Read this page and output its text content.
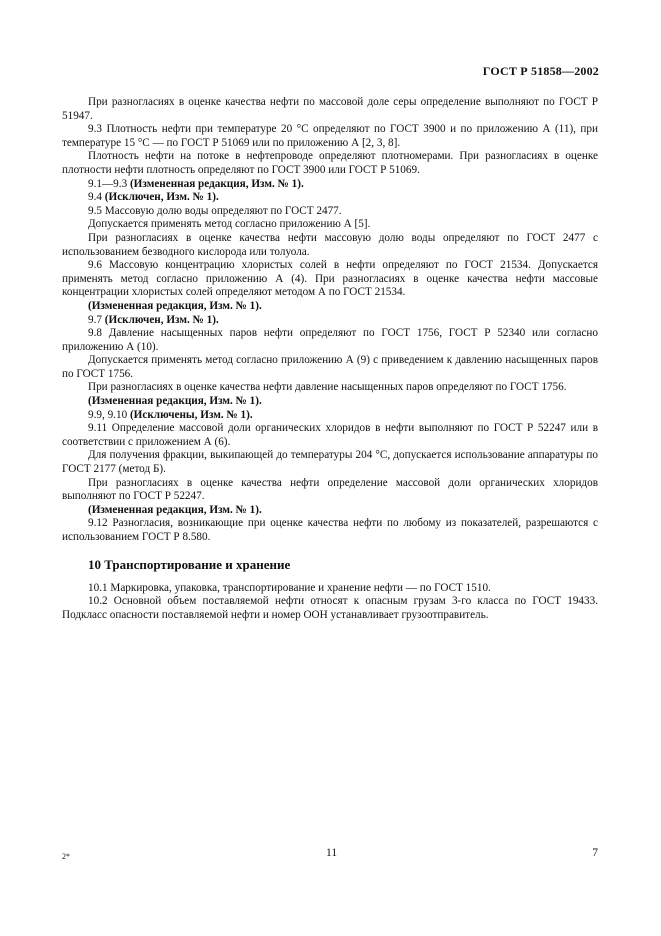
ГОСТ Р 51858—2002

При разногласиях в оценке качества нефти по массовой доле серы определение выполняют по ГОСТ Р 51947.

9.3 Плотность нефти при температуре 20 °С определяют по ГОСТ 3900 и по приложению А (11), при температуре 15 °С — по ГОСТ Р 51069 или по приложению А [2, 3, 8].

Плотность нефти на потоке в нефтепроводе определяют плотномерами. При разногласиях в оценке плотности нефти плотность определяют по ГОСТ 3900 или ГОСТ Р 51069.

9.1—9.3 (Измененная редакция, Изм. № 1).

9.4 (Исключен, Изм. № 1).

9.5 Массовую долю воды определяют по ГОСТ 2477.

Допускается применять метод согласно приложению А [5].

При разногласиях в оценке качества нефти массовую долю воды определяют по ГОСТ 2477 с использованием безводного кислорода или толуола.

9.6 Массовую концентрацию хлористых солей в нефти определяют по ГОСТ 21534. Допускается применять метод согласно приложению А (4). При разногласиях в оценке качества нефти массовые концентрации хлористых солей определяют методом А по ГОСТ 21534.

(Измененная редакция, Изм. № 1).

9.7 (Исключен, Изм. № 1).

9.8 Давление насыщенных паров нефти определяют по ГОСТ 1756, ГОСТ Р 52340 или согласно приложению А (10).

Допускается применять метод согласно приложению А (9) с приведением к давлению насыщенных паров по ГОСТ 1756.

При разногласиях в оценке качества нефти давление насыщенных паров определяют по ГОСТ 1756.

(Измененная редакция, Изм. № 1).

9.9, 9.10 (Исключены, Изм. № 1).

9.11 Определение массовой доли органических хлоридов в нефти выполняют по ГОСТ Р 52247 или в соответствии с приложением А (6).

Для получения фракции, выкипающей до температуры 204 °С, допускается использование аппаратуры по ГОСТ 2177 (метод Б).

При разногласиях в оценке качества нефти определение массовой доли органических хлоридов выполняют по ГОСТ Р 52247.

(Измененная редакция, Изм. № 1).

9.12 Разногласия, возникающие при оценке качества нефти по любому из показателей, разрешаются с использованием ГОСТ Р 8.580.

10 Транспортирование и хранение

10.1 Маркировка, упаковка, транспортирование и хранение нефти — по ГОСТ 1510.

10.2 Основной объем поставляемой нефти относят к опасным грузам 3-го класса по ГОСТ 19433. Подкласс опасности поставляемой нефти и номер ООН устанавливает грузоотправитель.

2*	11	7
